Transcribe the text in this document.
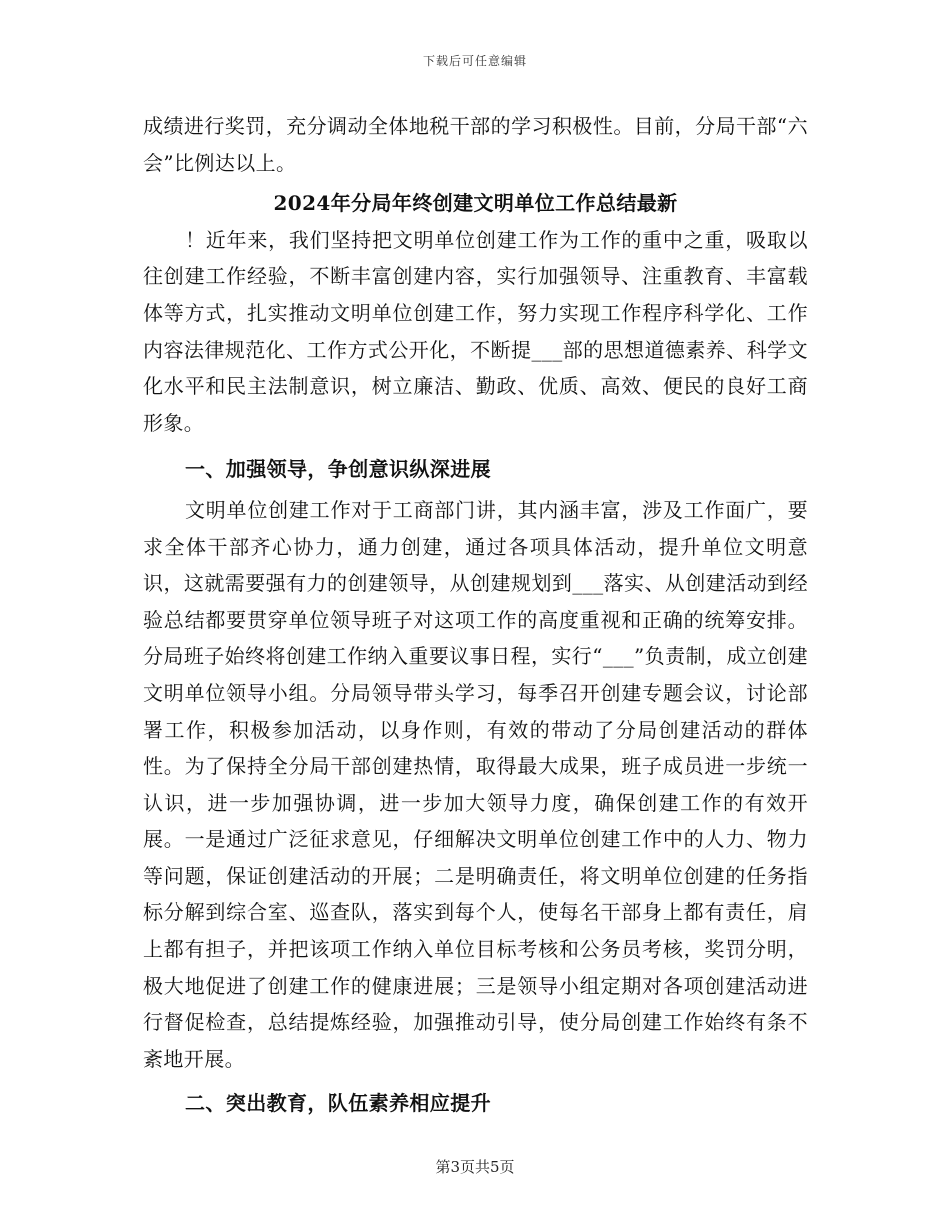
下载后可任意编辑

成绩进行奖罚，充分调动全体地税干部的学习积极性。目前，分局干部“六会”比例达以上。

2024年分局年终创建文明单位工作总结最新

！近年来，我们坚持把文明单位创建工作为工作的重中之重，吸取以往创建工作经验，不断丰富创建内容，实行加强领导、注重教育、丰富载体等方式，扎实推动文明单位创建工作，努力实现工作程序科学化、工作内容法律规范化、工作方式公开化，不断提___部的思想道德素养、科学文化水平和民主法制意识，树立廉洁、勤政、优质、高效、便民的良好工商形象。

一、加强领导，争创意识纵深进展

文明单位创建工作对于工商部门讲，其内涵丰富，涉及工作面广，要求全体干部齐心协力，通力创建，通过各项具体活动，提升单位文明意识，这就需要强有力的创建领导，从创建规划到___落实、从创建活动到经验总结都要贯穿单位领导班子对这项工作的高度重视和正确的统筹安排。分局班子始终将创建工作纳入重要议事日程，实行“___”负责制，成立创建文明单位领导小组。分局领导带头学习，每季召开创建专题会议，讨论部署工作，积极参加活动，以身作则，有效的带动了分局创建活动的群体性。为了保持全分局干部创建热情，取得最大成果，班子成员进一步统一认识，进一步加强协调，进一步加大领导力度，确保创建工作的有效开展。一是通过广泛征求意见，仔细解决文明单位创建工作中的人力、物力等问题，保证创建活动的开展；二是明确责任，将文明单位创建的任务指标分解到综合室、巡查队，落实到每个人，使每名干部身上都有责任，肩上都有担子，并把该项工作纳入单位目标考核和公务员考核，奖罚分明，极大地促进了创建工作的健康进展；三是领导小组定期对各项创建活动进行督促检查，总结提炼经验，加强推动引导，使分局创建工作始终有条不紊地开展。

二、突出教育，队伍素养相应提升

第3页共5页
